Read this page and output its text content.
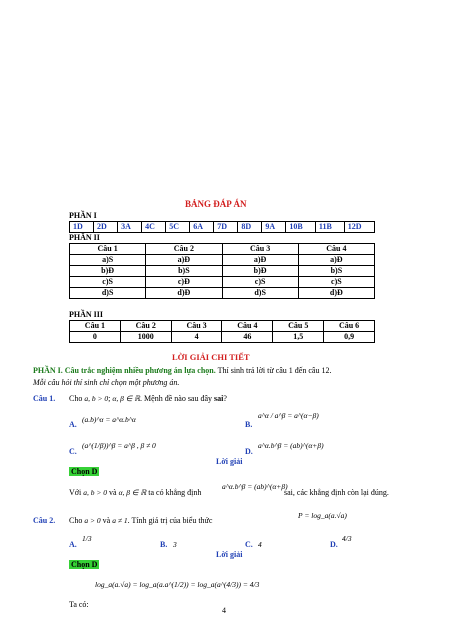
BẢNG ĐÁP ÁN
PHẦN I
1D	2D	3A	4C	5C	6A	7D	8D	9A	10B	11B	12D
PHẦN II
Câu 1	Câu 2	Câu 3	Câu 4
a)S	a)Đ	a)Đ	a)Đ
b)Đ	b)S	b)Đ	b)S
c)S	c)Đ	c)S	c)S
d)S	d)Đ	d)S	d)Đ
PHẦN III
Câu 1	Câu 2	Câu 3	Câu 4	Câu 5	Câu 6
0	1000	4	46	1,5	0,9
LỜI GIẢI CHI TIẾT
PHẦN I. Câu trắc nghiệm nhiều phương án lựa chọn. Thí sinh trả lời từ câu 1 đến câu 12.
Mỗi câu hỏi thí sinh chỉ chọn một phương án.
Câu 1. Cho a, b > 0; α, β ∈ ℝ. Mệnh đề nào sau đây sai?
A.
(a.b)^α = a^α.b^α
B.
a^α / a^β = a^(α−β)
C.
(a^(1/β))^β = a^β , β ≠ 0
D.
a^α.b^β = (ab)^(α+β)
Lời giải
Chọn D
Với a, b > 0 và α, β ∈ ℝ ta có khẳng định
a^α.b^β = (ab)^(α+β)
sai, các khẳng định còn lại đúng.
Câu 2. Cho a > 0 và a ≠ 1. Tính giá trị của biểu thức
P = log_a(a.√a)
A.
1/3
B. 3	C. 4	D.
4/3
Lời giải
Chọn D
log_a(a.√a) = log_a(a.a^(1/2)) = log_a(a^(4/3)) = 4/3
Ta có:
4
